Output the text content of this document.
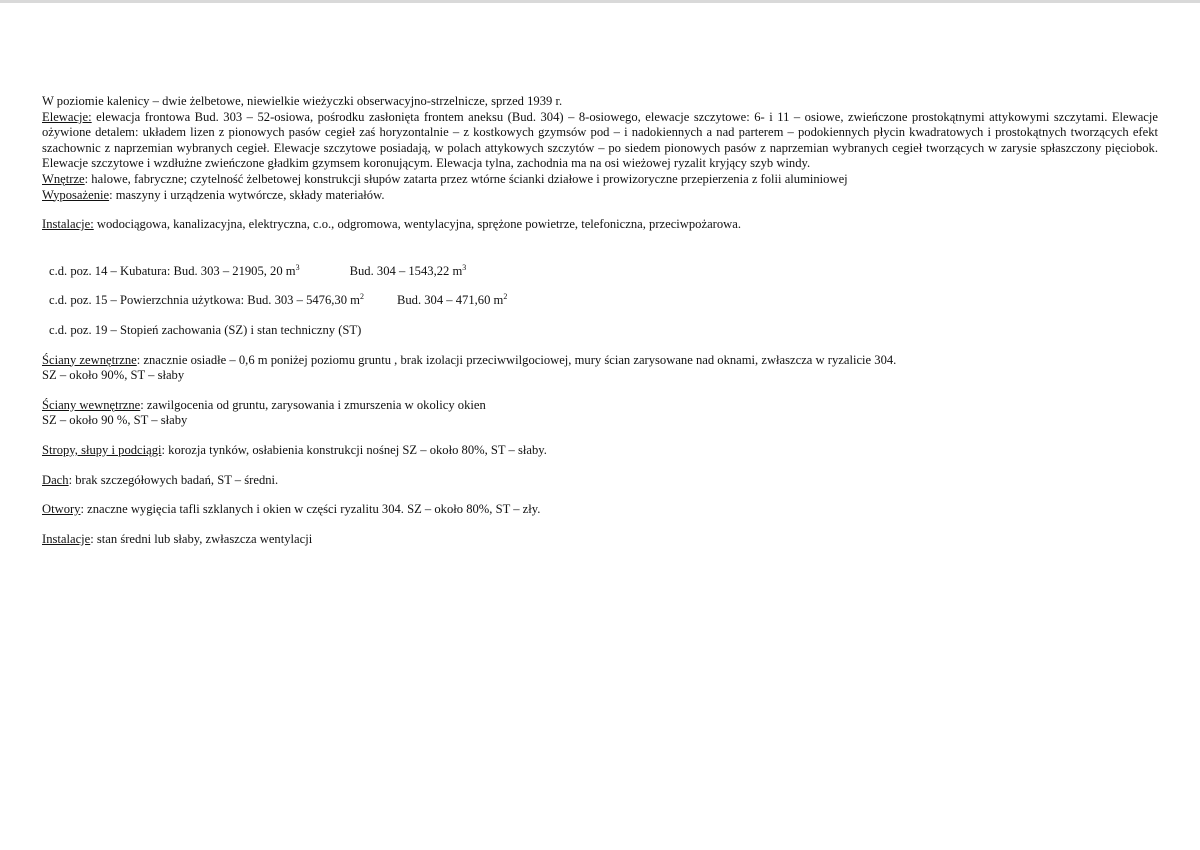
W poziomie kalenicy – dwie żelbetowe, niewielkie wieżyczki obserwacyjno-strzelnicze, sprzed 1939 r.

Elewacje: elewacja frontowa Bud. 303 – 52-osiowa, pośrodku zasłonięta frontem aneksu (Bud. 304) – 8-osiowego, elewacje szczytowe: 6- i 11 – osiowe, zwieńczone prostokątnymi attykowymi szczytami. Elewacje ożywione detalem: układem lizen z pionowych pasów cegieł zaś horyzontalnie – z kostkowych gzymsów pod – i nadokiennych a nad parterem – podokiennych płycin kwadratowych i prostokątnych tworzących efekt szachownic z naprzemian wybranych cegieł. Elewacje szczytowe posiadają, w polach attykowych szczytów – po siedem pionowych pasów z naprzemian wybranych cegieł tworzących w zarysie spłaszczony pięciobok. Elewacje szczytowe i wzdłużne zwieńczone gładkim gzymsem koronującym. Elewacja tylna, zachodnia ma na osi wieżowej ryzalit kryjący szyb windy.

Wnętrze: halowe, fabryczne; czytelność żelbetowej konstrukcji słupów zatarta przez wtórne ścianki działowe i prowizoryczne przepierzenia z folii aluminiowej

Wyposażenie: maszyny i urządzenia wytwórcze, składy materiałów.

Instalacje: wodociągowa, kanalizacyjna, elektryczna, c.o., odgromowa, wentylacyjna, sprężone powietrze, telefoniczna, przeciwpożarowa.

c.d. poz. 14 – Kubatura: Bud. 303 – 21905, 20 $m^3$	Bud. 304 – 1543,22 $m^3$

c.d. poz. 15 – Powierzchnia użytkowa: Bud. 303 – 5476,30 $m^2$	Bud. 304 – 471,60 $m^2$

c.d. poz. 19 – Stopień zachowania (SZ) i stan techniczny (ST)

Ściany zewnętrzne: znacznie osiadłe – 0,6 m poniżej poziomu gruntu , brak izolacji przeciwwilgociowej, mury ścian zarysowane nad oknami, zwłaszcza w ryzalicie 304.

SZ – około 90%, ST – słaby

Ściany wewnętrzne: zawilgocenia od gruntu, zarysowania i zmurszenia w okolicy okien

SZ – około 90 %, ST – słaby

Stropy, słupy i podciągi: korozja tynków, osłabienia konstrukcji nośnej SZ – około 80%, ST – słaby.

Dach: brak szczegółowych badań, ST – średni.

Otwory: znaczne wygięcia tafli szklanych i okien w części ryzalitu 304. SZ – około 80%, ST – zły.

Instalacje: stan średni lub słaby, zwłaszcza wentylacji
